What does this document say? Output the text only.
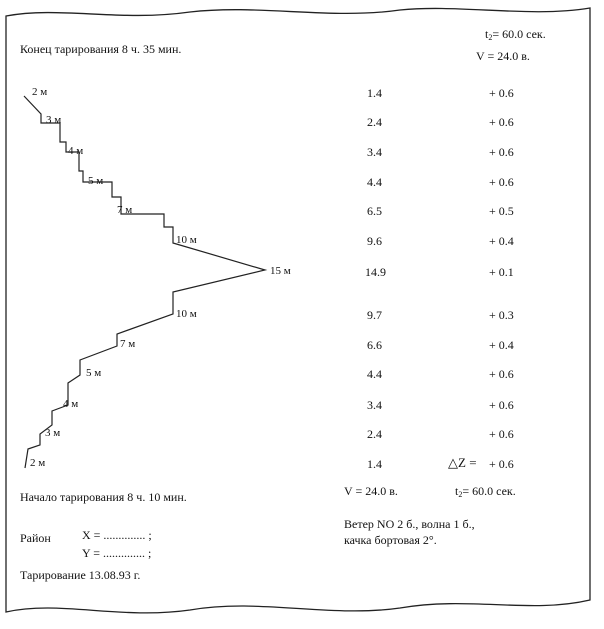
Конец тарирования 8 ч. 35 мин.
$t_2= 60.0$ сек.
V = 24.0 в.
2 м
3 м
4 м
5 м
7 м
10 м
15 м
10 м
7 м
5 м
4 м
3 м
2 м
1.4
2.4
3.4
4.4
6.5
9.6
14.9
9.7
6.6
4.4
3.4
2.4
1.4
+ 0.6
+ 0.6
+ 0.6
+ 0.6
+ 0.5
+ 0.4
+ 0.1
+ 0.3
+ 0.4
+ 0.6
+ 0.6
+ 0.6
+ 0.6
△Z =
V = 24.0 в.	$t_2= 60.0$ сек.
Начало тарирования 8 ч. 10 мин.
Район	X = .............. ;
Y = .............. ;
Тарирование 13.08.93 г.
Ветер NO 2 б., волна 1 б.,
качка бортовая 2°.
